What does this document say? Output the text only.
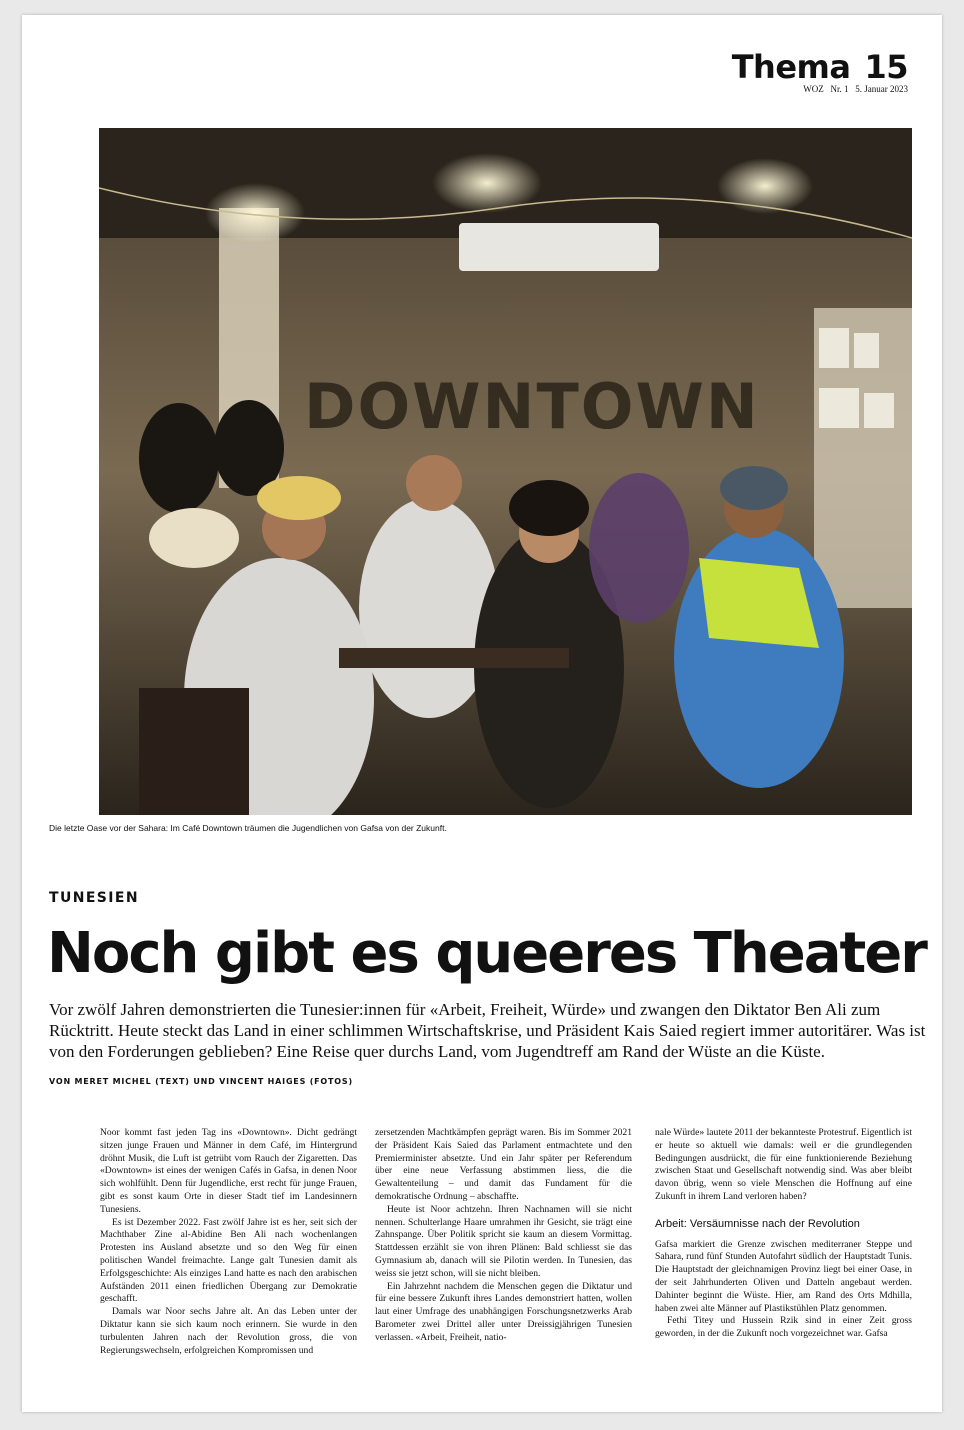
Thema 15
WOZ   Nr. 1   5. Januar 2023
DOWNTOWN
Die letzte Oase vor der Sahara: Im Café Downtown träumen die Jugendlichen von Gafsa von der Zukunft.
TUNESIEN
Noch gibt es queeres Theater
Vor zwölf Jahren demonstrierten die Tunesier:innen für «Arbeit, Freiheit, Würde» und zwangen den Diktator Ben Ali zum Rücktritt. Heute steckt das Land in einer schlimmen Wirtschaftskrise, und Präsident Kais Saied regiert immer autoritärer. Was ist von den Forderungen geblieben? Eine Reise quer durchs Land, vom Jugendtreff am Rand der Wüste an die Küste.
VON MERET MICHEL (TEXT) UND VINCENT HAIGES (FOTOS)

Noor kommt fast jeden Tag ins «Downtown». Dicht gedrängt sitzen junge Frauen und Männer in dem Café, im Hintergrund dröhnt Musik, die Luft ist getrübt vom Rauch der Zigaretten. Das «Downtown» ist eines der wenigen Cafés in Gafsa, in denen Noor sich wohlfühlt. Denn für Jugendliche, erst recht für junge Frauen, gibt es sonst kaum Orte in dieser Stadt tief im Landesinnern Tunesiens.

Es ist Dezember 2022. Fast zwölf Jahre ist es her, seit sich der Machthaber Zine al-Abidine Ben Ali nach wochenlangen Protesten ins Ausland absetzte und so den Weg für einen politischen Wandel freimachte. Lange galt Tunesien damit als Erfolgsgeschichte: Als einziges Land hatte es nach den arabischen Aufständen 2011 einen friedlichen Übergang zur Demokratie geschafft.

Damals war Noor sechs Jahre alt. An das Leben unter der Diktatur kann sie sich kaum noch erinnern. Sie wurde in den turbulenten Jahren nach der Revolution gross, die von Regierungswechseln, erfolgreichen Kompromissen und

zersetzenden Machtkämpfen geprägt waren. Bis im Sommer 2021 der Präsident Kais Saied das Parlament entmachtete und den Premierminister absetzte. Und ein Jahr später per Referendum über eine neue Verfassung abstimmen liess, die die Gewaltenteilung – und damit das Fundament für die demokratische Ordnung – abschaffte.

Heute ist Noor achtzehn. Ihren Nachnamen will sie nicht nennen. Schulterlange Haare umrahmen ihr Gesicht, sie trägt eine Zahnspange. Über Politik spricht sie kaum an diesem Vormittag. Stattdessen erzählt sie von ihren Plänen: Bald schliesst sie das Gymnasium ab, danach will sie Pilotin werden. In Tunesien, das weiss sie jetzt schon, will sie nicht bleiben.

Ein Jahrzehnt nachdem die Menschen gegen die Diktatur und für eine bessere Zukunft ihres Landes demonstriert hatten, wollen laut einer Umfrage des unabhängigen Forschungsnetzwerks Arab Barometer zwei Drittel aller unter Dreissigjährigen Tunesien verlassen. «Arbeit, Freiheit, natio-

nale Würde» lautete 2011 der bekannteste Protestruf. Eigentlich ist er heute so aktuell wie damals: weil er die grundlegenden Bedingungen ausdrückt, die für eine funktionierende Beziehung zwischen Staat und Gesellschaft notwendig sind. Was aber bleibt davon übrig, wenn so viele Menschen die Hoffnung auf eine Zukunft in ihrem Land verloren haben?

Arbeit: Versäumnisse nach der Revolution

Gafsa markiert die Grenze zwischen mediterraner Steppe und Sahara, rund fünf Stunden Autofahrt südlich der Hauptstadt Tunis. Die Hauptstadt der gleichnamigen Provinz liegt bei einer Oase, in der seit Jahrhunderten Oliven und Datteln angebaut werden. Dahinter beginnt die Wüste. Hier, am Rand des Orts Mdhilla, haben zwei alte Männer auf Plastikstühlen Platz genommen.

Fethi Titey und Hussein Rzik sind in einer Zeit gross geworden, in der die Zukunft noch vorgezeichnet war. Gafsa
